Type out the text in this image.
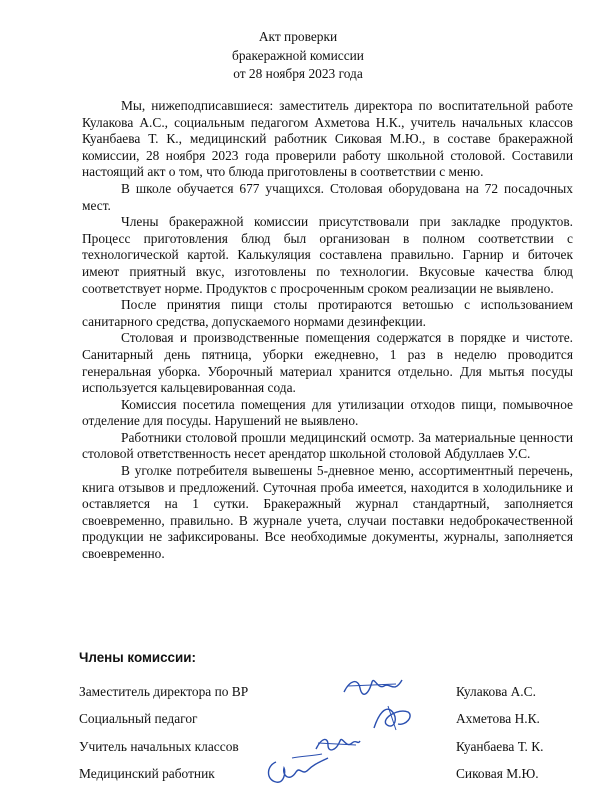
Акт проверки
бракеражной комиссии
от 28 ноября 2023 года

Мы, нижеподписавшиеся: заместитель директора по воспитательной работе Кулакова А.С., социальным педагогом Ахметова Н.К., учитель начальных классов Куанбаева Т. К., медицинский работник Сиковая М.Ю., в составе бракеражной комиссии, 28 ноября 2023 года проверили работу школьной столовой. Составили настоящий акт о том, что блюда приготовлены в соответствии с меню.

В школе обучается 677 учащихся. Столовая оборудована на 72 посадочных мест.

Члены бракеражной комиссии присутствовали при закладке продуктов. Процесс приготовления блюд был организован в полном соответствии с технологической картой. Калькуляция составлена правильно. Гарнир и биточек имеют приятный вкус, изготовлены по технологии. Вкусовые качества блюд соответствует норме. Продуктов с просроченным сроком реализации не выявлено.

После принятия пищи столы протираются ветошью с использованием санитарного средства, допускаемого нормами дезинфекции.

Столовая и производственные помещения содержатся в порядке и чистоте. Санитарный день пятница, уборки ежедневно, 1 раз в неделю проводится генеральная уборка. Уборочный материал хранится отдельно. Для мытья посуды используется кальцевированная сода.

Комиссия посетила помещения для утилизации отходов пищи, помывочное отделение для посуды. Нарушений не выявлено.

Работники столовой прошли медицинский осмотр. За материальные ценности столовой ответственность несет арендатор школьной столовой Абдуллаев У.С.

В уголке потребителя вывешены 5-дневное меню, ассортиментный перечень, книга отзывов и предложений. Суточная проба имеется, находится в холодильнике и оставляется на 1 сутки. Бракеражный журнал стандартный, заполняется своевременно, правильно. В журнале учета, случаи поставки недоброкачественной продукции не зафиксированы. Все необходимые документы, журналы, заполняется своевременно.

Члены комиссии:
Заместитель директора по ВР	Кулакова А.С.
Социальный педагог	Ахметова Н.К.
Учитель начальных классов	Куанбаева Т. К.
Медицинский работник	Сиковая М.Ю.
